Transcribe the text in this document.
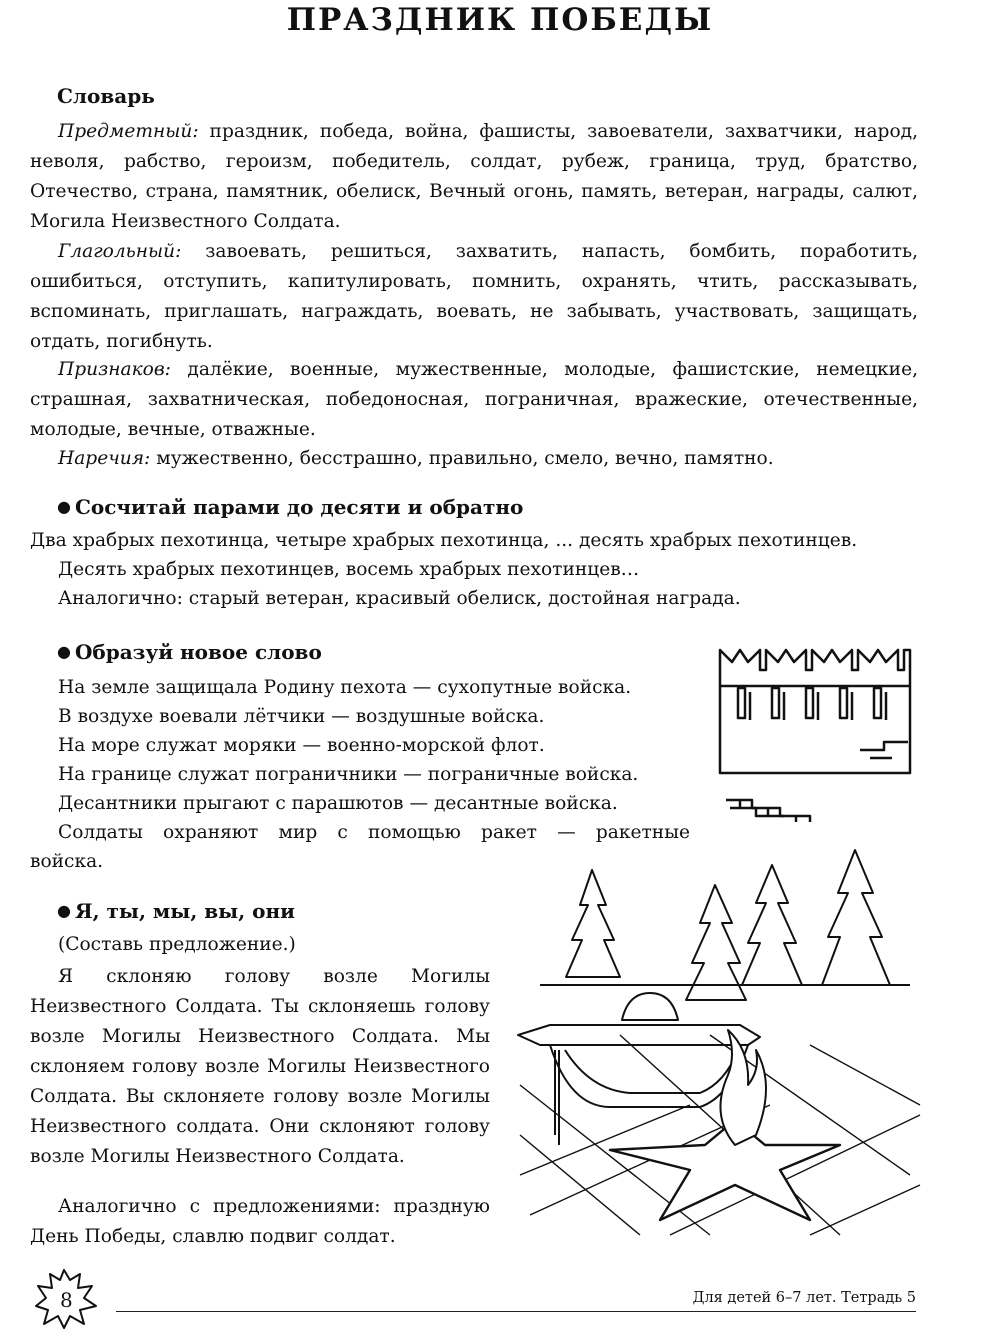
ПРАЗДНИК ПОБЕДЫ
Словарь

Предметный: праздник, победа, война, фашисты, завоеватели, захватчики, народ, неволя, рабство, героизм, победитель, солдат, рубеж, граница, труд, братство, Отечество, страна, памятник, обелиск, Вечный огонь, память, ветеран, награды, салют, Могила Неизвестного Солдата.

Глагольный: завоевать, решиться, захватить, напасть, бомбить, поработить, ошибиться, отступить, капитулировать, помнить, охранять, чтить, рассказывать, вспоминать, приглашать, награждать, воевать, не забывать, участвовать, защищать, отдать, погибнуть.

Признаков: далёкие, военные, мужественные, молодые, фашистские, немецкие, страшная, захватническая, победоносная, пограничная, вражеские, отечественные, молодые, вечные, отважные.

Наречия: мужественно, бесстрашно, правильно, смело, вечно, памятно.

● Сосчитай парами до десяти и обратно
Два храбрых пехотинца, четыре храбрых пехотинца, ... десять храбрых пехотинцев.
Десять храбрых пехотинцев, восемь храбрых пехотинцев…
Аналогично: старый ветеран, красивый обелиск, достойная награда.
● Образуй новое слово
На земле защищала Родину пехота — сухопутные войска.
В воздухе воевали лётчики — воздушные войска.
На море служат моряки — военно-морской флот.
На границе служат пограничники — пограничные войска.
Десантники прыгают с парашютов — десантные войска.
Солдаты охраняют мир с помощью ракет — ракетные
войска.
● Я, ты, мы, вы, они
(Составь предложение.)

Я склоняю голову возле Могилы Неизвестного Солдата. Ты склоняешь голову возле Могилы Неизвестного Солдата. Мы склоняем голову возле Могилы Неизвестного Солдата. Вы склоняете голову возле Могилы Неизвестного солдата. Они склоняют голову возле Могилы Неизвестного Солдата.

Аналогично с предложениями: праздную День Победы, славлю подвиг солдат.

8	Для детей 6–7 лет. Тетрадь 5
